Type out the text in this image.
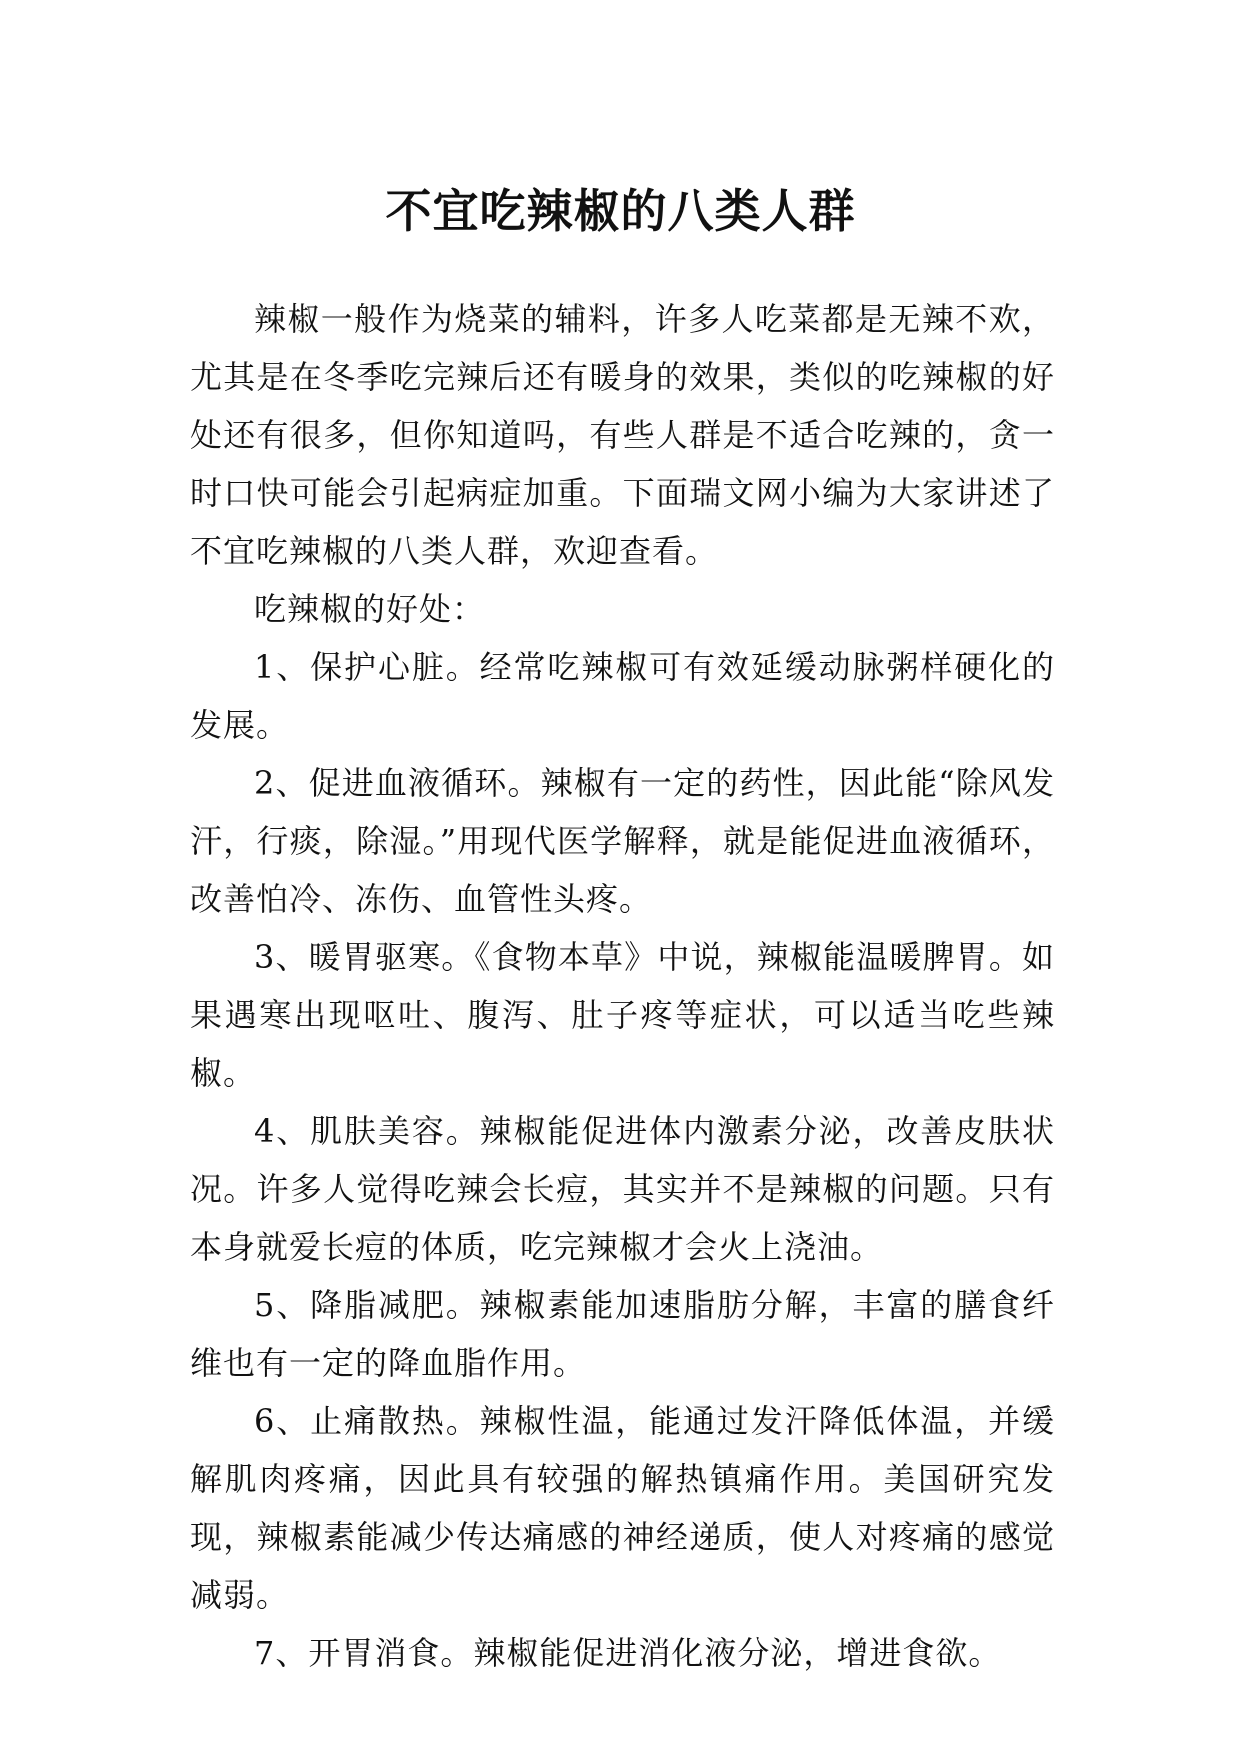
不宜吃辣椒的八类人群

辣椒一般作为烧菜的辅料，许多人吃菜都是无辣不欢，尤其是在冬季吃完辣后还有暖身的效果，类似的吃辣椒的好处还有很多，但你知道吗，有些人群是不适合吃辣的，贪一时口快可能会引起病症加重。下面瑞文网小编为大家讲述了不宜吃辣椒的八类人群，欢迎查看。

吃辣椒的好处：

1、保护心脏。经常吃辣椒可有效延缓动脉粥样硬化的发展。

2、促进血液循环。辣椒有一定的药性，因此能“除风发汗，行痰，除湿。”用现代医学解释，就是能促进血液循环，改善怕冷、冻伤、血管性头疼。

3、暖胃驱寒。《食物本草》中说，辣椒能温暖脾胃。如果遇寒出现呕吐、腹泻、肚子疼等症状，可以适当吃些辣椒。

4、肌肤美容。辣椒能促进体内激素分泌，改善皮肤状况。许多人觉得吃辣会长痘，其实并不是辣椒的问题。只有本身就爱长痘的体质，吃完辣椒才会火上浇油。

5、降脂减肥。辣椒素能加速脂肪分解，丰富的膳食纤维也有一定的降血脂作用。

6、止痛散热。辣椒性温，能通过发汗降低体温，并缓解肌肉疼痛，因此具有较强的解热镇痛作用。美国研究发现，辣椒素能减少传达痛感的神经递质，使人对疼痛的感觉减弱。

7、开胃消食。辣椒能促进消化液分泌，增进食欲。
